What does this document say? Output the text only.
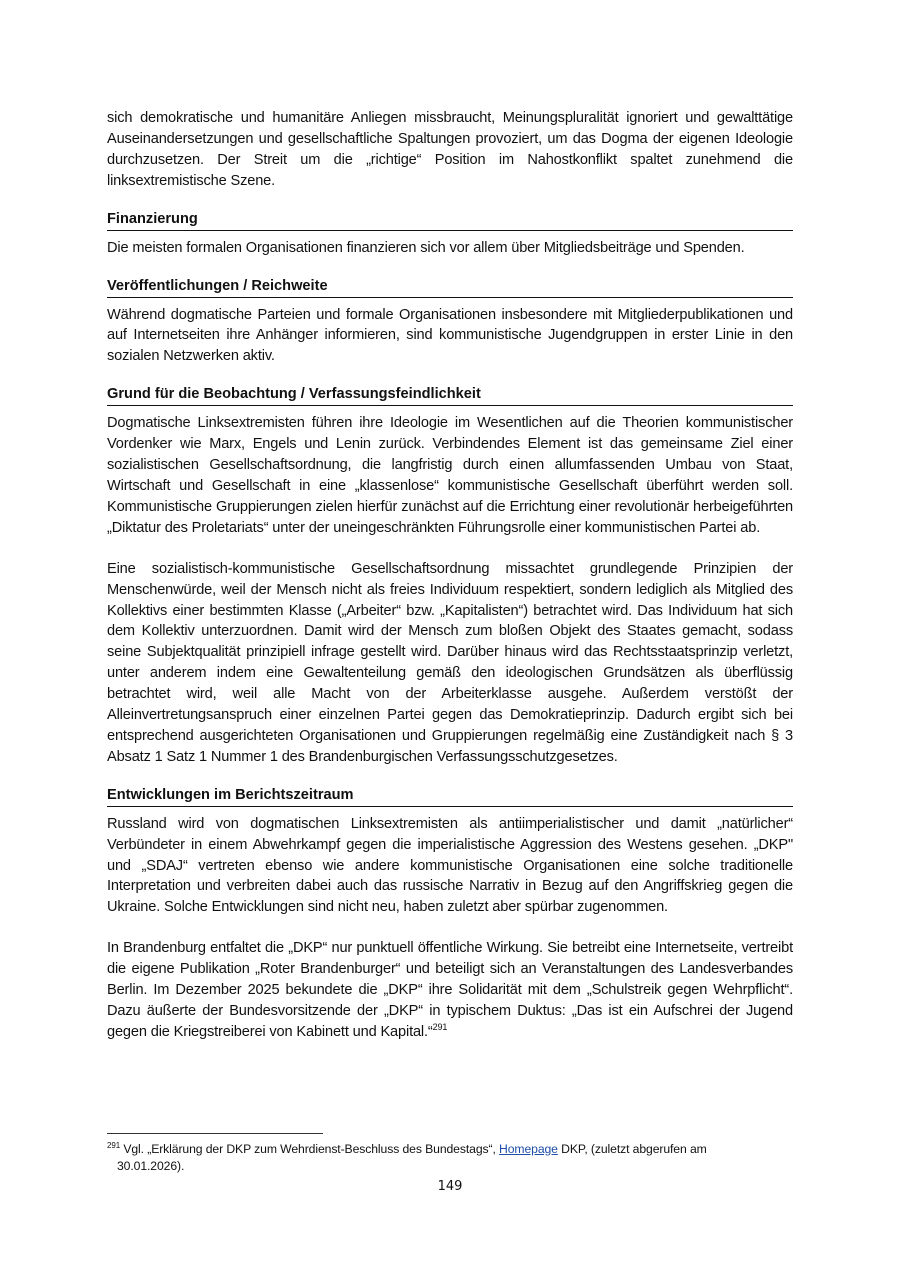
sich demokratische und humanitäre Anliegen missbraucht, Meinungspluralität ignoriert und gewalttätige Auseinandersetzungen und gesellschaftliche Spaltungen provoziert, um das Dogma der eigenen Ideologie durchzusetzen. Der Streit um die „richtige“ Position im Nahostkonflikt spaltet zunehmend die linksextremistische Szene.

Finanzierung

Die meisten formalen Organisationen finanzieren sich vor allem über Mitgliedsbeiträge und Spenden.

Veröffentlichungen / Reichweite

Während dogmatische Parteien und formale Organisationen insbesondere mit Mitgliederpublikationen und auf Internetseiten ihre Anhänger informieren, sind kommunistische Jugendgruppen in erster Linie in den sozialen Netzwerken aktiv.

Grund für die Beobachtung / Verfassungsfeindlichkeit

Dogmatische Linksextremisten führen ihre Ideologie im Wesentlichen auf die Theorien kommunistischer Vordenker wie Marx, Engels und Lenin zurück. Verbindendes Element ist das gemeinsame Ziel einer sozialistischen Gesellschaftsordnung, die langfristig durch einen allumfassenden Umbau von Staat, Wirtschaft und Gesellschaft in eine „klassenlose“ kommunistische Gesellschaft überführt werden soll. Kommunistische Gruppierungen zielen hierfür zunächst auf die Errichtung einer revolutionär herbeigeführten „Diktatur des Proletariats“ unter der uneingeschränkten Führungsrolle einer kommunistischen Partei ab.

Eine sozialistisch-kommunistische Gesellschaftsordnung missachtet grundlegende Prinzipien der Menschenwürde, weil der Mensch nicht als freies Individuum respektiert, sondern lediglich als Mitglied des Kollektivs einer bestimmten Klasse („Arbeiter“ bzw. „Kapitalisten“) betrachtet wird. Das Individuum hat sich dem Kollektiv unterzuordnen. Damit wird der Mensch zum bloßen Objekt des Staates gemacht, sodass seine Subjektqualität prinzipiell infrage gestellt wird. Darüber hinaus wird das Rechtsstaatsprinzip verletzt, unter anderem indem eine Gewaltenteilung gemäß den ideologischen Grundsätzen als überflüssig betrachtet wird, weil alle Macht von der Arbeiterklasse ausgehe. Außerdem verstößt der Alleinvertretungsanspruch einer einzelnen Partei gegen das Demokratieprinzip. Dadurch ergibt sich bei entsprechend ausgerichteten Organisationen und Gruppierungen regelmäßig eine Zuständigkeit nach § 3 Absatz 1 Satz 1 Nummer 1 des Brandenburgischen Verfassungsschutzgesetzes.

Entwicklungen im Berichtszeitraum

Russland wird von dogmatischen Linksextremisten als antiimperialistischer und damit „natürlicher“ Verbündeter in einem Abwehrkampf gegen die imperialistische Aggression des Westens gesehen. „DKP" und „SDAJ“ vertreten ebenso wie andere kommunistische Organisationen eine solche traditionelle Interpretation und verbreiten dabei auch das russische Narrativ in Bezug auf den Angriffskrieg gegen die Ukraine. Solche Entwicklungen sind nicht neu, haben zuletzt aber spürbar zugenommen.

In Brandenburg entfaltet die „DKP“ nur punktuell öffentliche Wirkung. Sie betreibt eine Internetseite, vertreibt die eigene Publikation „Roter Brandenburger“ und beteiligt sich an Veranstaltungen des Landesverbandes Berlin. Im Dezember 2025 bekundete die „DKP“ ihre Solidarität mit dem „Schulstreik gegen Wehrpflicht“. Dazu äußerte der Bundesvorsitzende der „DKP“ in typischem Duktus: „Das ist ein Aufschrei der Jugend gegen die Kriegstreiberei von Kabinett und Kapital.“$^{291}$

$^{291}$ Vgl. „Erklärung der DKP zum Wehrdienst-Beschluss des Bundestags“, Homepage DKP, (zuletzt abgerufen am
30.01.2026).
149
